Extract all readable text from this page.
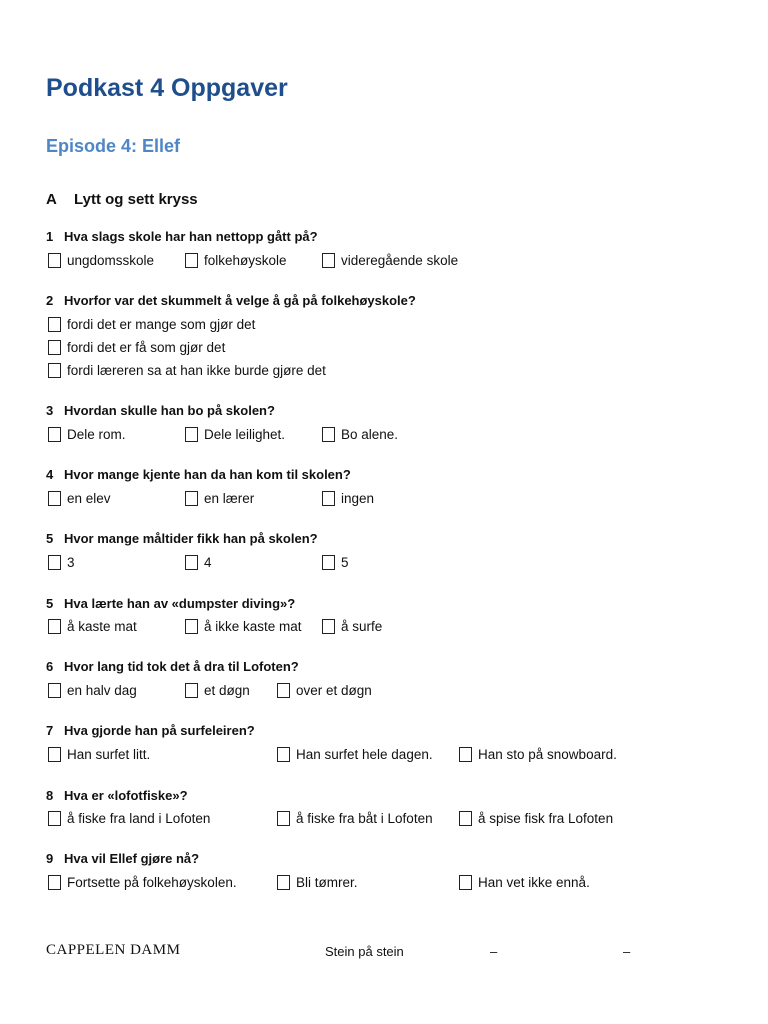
Podkast 4 Oppgaver
Episode 4: Ellef
A Lytt og sett kryss
1 Hva slags skole har han nettopp gått på?
ungdomsskole	folkehøyskole	videregående skole
2 Hvorfor var det skummelt å velge å gå på folkehøyskole?
fordi det er mange som gjør det
fordi det er få som gjør det
fordi læreren sa at han ikke burde gjøre det
3 Hvordan skulle han bo på skolen?
Dele rom.	Dele leilighet.	Bo alene.
4 Hvor mange kjente han da han kom til skolen?
en elev	en lærer	ingen
5 Hvor mange måltider fikk han på skolen?
3	4	5
5 Hva lærte han av «dumpster diving»?
å kaste mat	å ikke kaste mat	å surfe
6 Hvor lang tid tok det å dra til Lofoten?
en halv dag	et døgn	over et døgn
7 Hva gjorde han på surfeleiren?
Han surfet litt.	Han surfet hele dagen.	Han sto på snowboard.
8 Hva er «lofotfiske»?
å fiske fra land i Lofoten	å fiske fra båt i Lofoten	å spise fisk fra Lofoten
9 Hva vil Ellef gjøre nå?
Fortsette på folkehøyskolen.	Bli tømrer.	Han vet ikke ennå.
CAPPELEN DAMM	Stein på stein	–	–
